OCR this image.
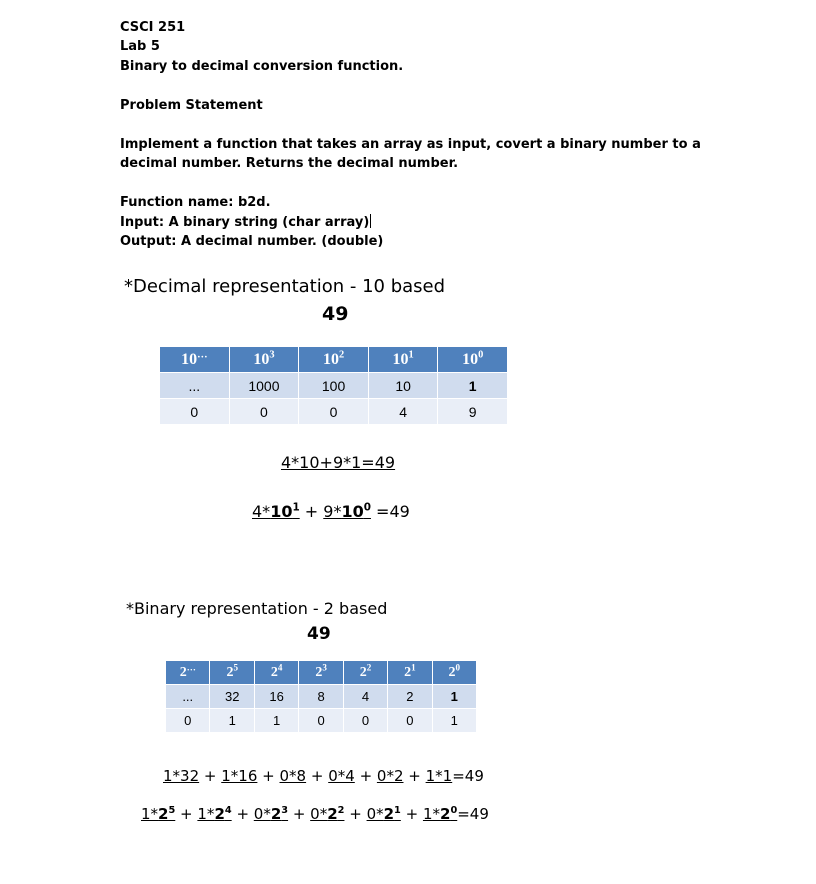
CSCI 251
Lab 5
Binary to decimal conversion function.
Problem Statement
Implement a function that takes an array as input, covert a binary number to a
decimal number. Returns the decimal number.
Function name: b2d.
Input: A binary string (char array)
Output: A decimal number. (double)
*Decimal representation - 10 based
49
10…	$10^3$	$10^2$	$10^1$	$10^0$
...	1000	100	10	1
0	0	0	4	9
4*10+9*1=49
$4*10^1 + 9*10^0 =49$
*Binary representation - 2 based
49
2…	$2^5$	$2^4$	$2^3$	$2^2$	$2^1$	$2^0$
...	32	16	8	4	2	1
0	1	1	0	0	0	1
1*32 + 1*16 + 0*8 + 0*4 + 0*2 + 1*1=49
$1*2^5 + 1*2^4 + 0*2^3 + 0*2^2 + 0*2^1 + 1*2^0=49$
